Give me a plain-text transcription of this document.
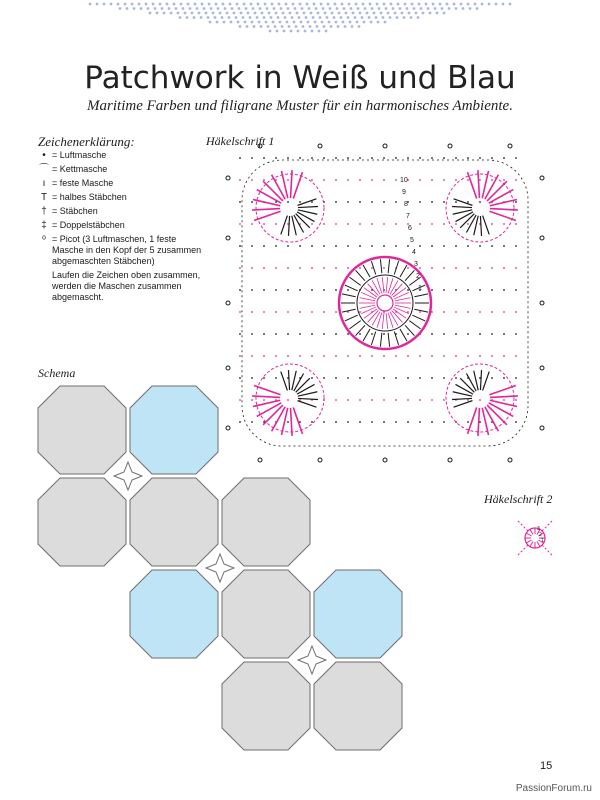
Patchwork in Weiß und Blau
Maritime Farben und filigrane Muster für ein harmonisches Ambiente.
Zeichenerklärung:
• = Luftmasche
⌒ = Kettmasche
ı = feste Masche
T = halbes Stäbchen
† = Stäbchen
‡ = Doppelstäbchen
ᵒ = Picot (3 Luftmaschen, 1 feste Masche in den Kopf der 5 zusammen abgemaschten Stäbchen)
Laufen die Zeichen oben zusammen, werden die Maschen zusammen abgemascht.
Häkelschrift 1
10
9
8
7
6
5
4
3
2
1
Häkelschrift 2
3
2
1
Schema
15
PassionForum.ru
